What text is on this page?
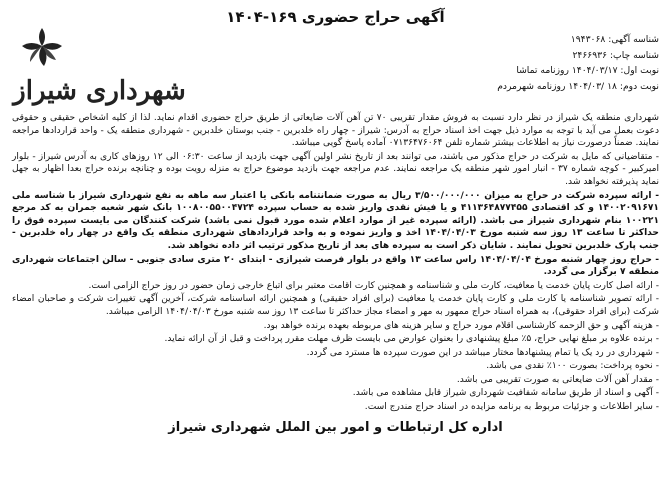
آگهی حراج حضوری ۱۶۹-۱۴۰۴
شناسه آگهی: ۱۹۴۳۰۶۸
شناسه چاپ: ۲۴۶۶۹۳۶
نوبت اول: ۱۴۰۴/۰۳/۱۷ روزنامه تماشا
نوبت دوم: ۱۸ /۱۴۰۴/۰۳ روزنامه شهرمردم
شهرداری شیراز

شهرداری منطقه یک شیراز در نظر دارد نسبت به فروش مقدار تقریبی ۷۰ تن آهن آلات ضایعاتی از طریق حراج حضوری اقدام نماید. لذا از کلیه اشخاص حقیقی و حقوقی دعوت بعمل می آید با توجه به موارد ذیل جهت اخذ اسناد حراج به آدرس: شیراز - چهار راه خلدبرین - جنب بوستان خلدبرین - شهرداری منطقه یک - واحد قراردادها مراجعه نمایند. ضمناً درصورت نیاز به اطلاعات بیشتر شماره تلفن ۰۷۱۳۶۴۷۶۰۶۴ آماده پاسخ گویی میباشد.

- متقاضیانی که مایل به شرکت در حراج مذکور می باشند، می توانند بعد از تاریخ نشر اولین آگهی جهت بازدید از ساعت ۰۶:۳۰ الی ۱۲ روزهای کاری به آدرس شیراز - بلوار امیرکبیر - کوچه شماره ۳۷ - انبار امور شهر منطقه یک مراجعه نمایند. عدم مراجعه جهت بازدید موضوع حراج به منزله رویت بوده و چنانچه برنده حراج بعدا اظهار به جهل نماید پذیرفته نخواهد شد.

- ارائه سپرده شرکت در حراج به میزان ۳/۵۰۰/۰۰۰/۰۰۰ ریال به صورت ضمانتنامه بانکی یا اعتبار سه ماهه به نفع شهرداری شیراز با شناسه ملی ۱۴۰۰۲۰۹۱۶۷۱ و کد اقتصادی ۴۱۱۳۶۴۸۷۷۴۵۵ و یا فیش نقدی واریز شده به حساب سپرده ۱۰۰۸۰۰۵۵۰۰۴۷۲۴ بانک شهر شعبه جمران به کد مرجع ۱۰۰۲۲۱ بنام شهرداری شیراز می باشد. (ارائه سپرده غیر از موارد اعلام شده مورد قبول نمی باشد) شرکت کنندگان می بایست سپرده فوق را حداکثر تا ساعت ۱۳ روز سه شنبه مورخ ۱۴۰۴/۰۴/۰۳ اخذ و واریز نموده و به واحد قراردادهای شهرداری منطقه یک واقع در چهار راه خلدبرین - جنب پارک خلدبرین تحویل نمایند . شایان ذکر است به سپرده های بعد از تاریخ مذکور ترتیب اثر داده نخواهد شد.

- حراج روز چهار شنبه مورخ ۱۴۰۴/۰۴/۰۴ راس ساعت ۱۳ واقع در بلوار فرصت شیرازی - ابتدای ۲۰ متری سادی جنوبی - سالن اجتماعات شهرداری منطقه ۷ برگزار می گردد.

- ارائه اصل کارت پایان خدمت یا معافیت، کارت ملی و شناسنامه و همچنین کارت اقامت معتبر برای اتباع خارجی زمان حضور در روز حراج الزامی است.

- ارائه تصویر شناسنامه یا کارت ملی و کارت پایان خدمت یا معافیت (برای افراد حقیقی) و همچنین ارائه اساسنامه شرکت، آخرین آگهی تغییرات شرکت و صاحبان امضاء شرکت (برای افراد حقوقی)، به همراه اسناد حراج ممهور به مهر و امضاء مجاز حداکثر تا ساعت ۱۳ روز سه شنبه مورخ ۱۴۰۴/۰۴/۰۳ الزامی میباشد.

- هزینه آگهی و حق الزحمه کارشناسی اقلام مورد حراج و سایر هزینه های مربوطه بعهده برنده خواهد بود.

- برنده علاوه بر مبلغ نهایی حراج، ۵٪ مبلغ پیشنهادی را بعنوان عوارض می بایست ظرف مهلت مقرر پرداخت و قبل از آن ارائه نماید.

- شهرداری در رد یک یا تمام پیشنهادها مختار میباشد در این صورت سپرده ها مسترد می گردد.

- نحوه پرداخت: بصورت ۱۰۰٪ نقدی می باشد.

- مقدار آهن آلات ضایعاتی به صورت تقریبی می باشد.

- آگهی و اسناد از طریق سامانه شفافیت شهرداری شیراز قابل مشاهده می باشد.

- سایر اطلاعات و جزئیات مربوط به برنامه مزایده در اسناد حراج مندرج است.

اداره کل ارتباطات و امور بین الملل شهرداری شیراز
